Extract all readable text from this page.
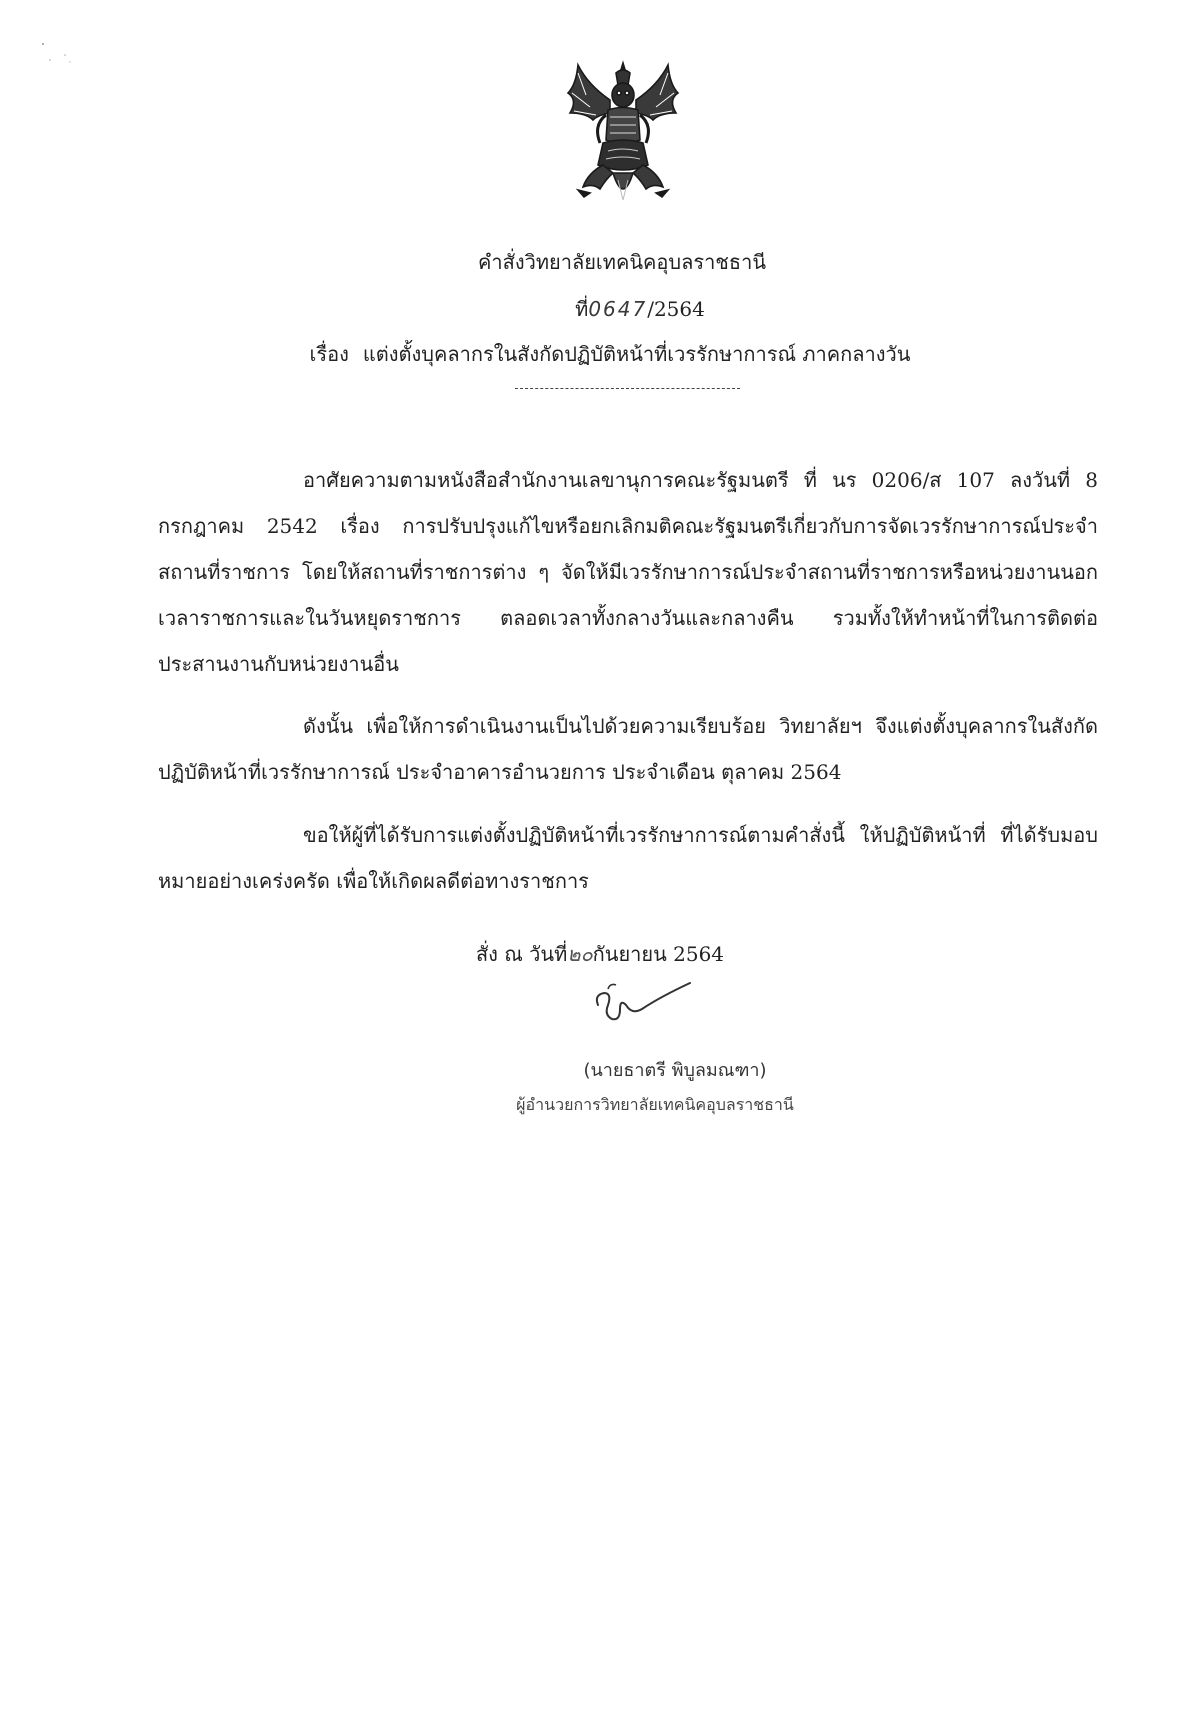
คำสั่งวิทยาลัยเทคนิคอุบลราชธานี
ที่0647/2564
เรื่อง แต่งตั้งบุคลากรในสังกัดปฏิบัติหน้าที่เวรรักษาการณ์ ภาคกลางวัน
อาศัยความตามหนังสือสำนักงานเลขานุการคณะรัฐมนตรี ที่ นร 0206/ส 107 ลงวันที่ 8 กรกฎาคม 2542 เรื่อง การปรับปรุงแก้ไขหรือยกเลิกมติคณะรัฐมนตรีเกี่ยวกับการจัดเวรรักษาการณ์ประจำสถานที่ราชการ โดยให้สถานที่ราชการต่าง ๆ จัดให้มีเวรรักษาการณ์ประจำสถานที่ราชการหรือหน่วยงานนอกเวลาราชการและในวันหยุดราชการ ตลอดเวลาทั้งกลางวันและกลางคืน รวมทั้งให้ทำหน้าที่ในการติดต่อประสานงานกับหน่วยงานอื่น
ดังนั้น เพื่อให้การดำเนินงานเป็นไปด้วยความเรียบร้อย วิทยาลัยฯ จึงแต่งตั้งบุคลากรในสังกัดปฏิบัติหน้าที่เวรรักษาการณ์ ประจำอาคารอำนวยการ ประจำเดือน ตุลาคม 2564
ขอให้ผู้ที่ได้รับการแต่งตั้งปฏิบัติหน้าที่เวรรักษาการณ์ตามคำสั่งนี้ ให้ปฏิบัติหน้าที่ ที่ได้รับมอบหมายอย่างเคร่งครัด เพื่อให้เกิดผลดีต่อทางราชการ
สั่ง ณ วันที่๒๐กันยายน 2564
(นายธาตรี พิบูลมณฑา)
ผู้อำนวยการวิทยาลัยเทคนิคอุบลราชธานี
